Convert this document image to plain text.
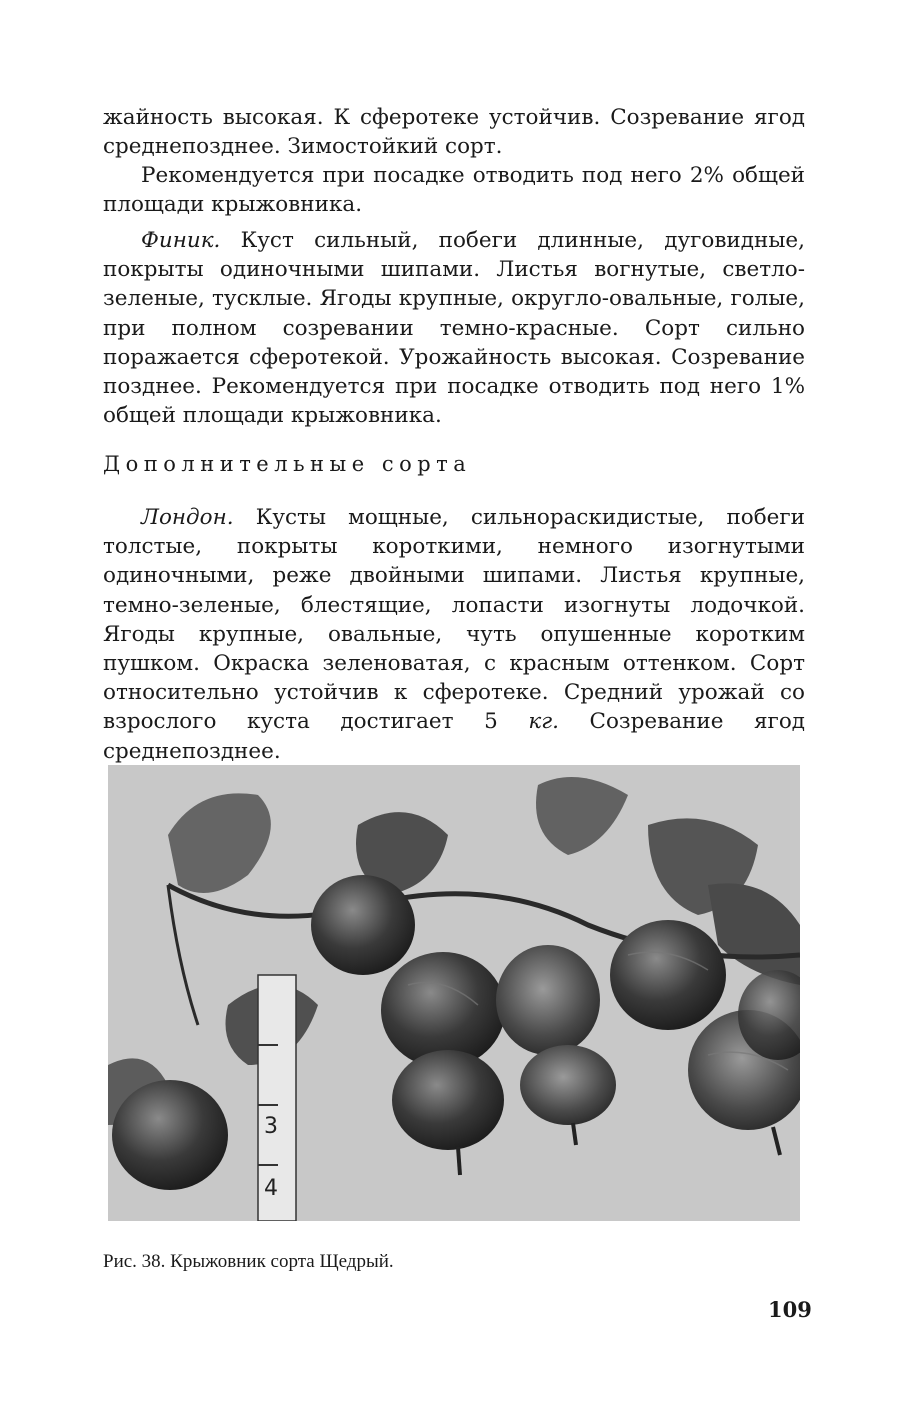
жайность высокая. К сферотеке устойчив. Созревание ягод среднепозднее. Зимостойкий сорт.

Рекомендуется при посадке отводить под него 2% общей площади крыжовника.

Финик. Куст сильный, побеги длинные, дуговидные, покрыты одиночными шипами. Листья вогнутые, светло-зеленые, тусклые. Ягоды крупные, округло-овальные, голые, при полном созревании темно-красные. Сорт сильно поражается сферотекой. Урожайность высокая. Созревание позднее. Рекомендуется при посадке отводить под него 1% общей площади крыжовника.

Дополнительные сорта

Лондон. Кусты мощные, сильнораскидистые, побеги толстые, покрыты короткими, немного изогнутыми одиночными, реже двойными шипами. Листья крупные, темно-зеленые, блестящие, лопасти изогнуты лодочкой. Ягоды крупные, овальные, чуть опушенные коротким пушком. Окраска зеленоватая, с красным оттенком. Сорт относительно устойчив к сферотеке. Средний урожай со взрослого куста достигает 5 кг. Созревание ягод среднепозднее.

3
4

Рис. 38. Крыжовник сорта Щедрый.

109
